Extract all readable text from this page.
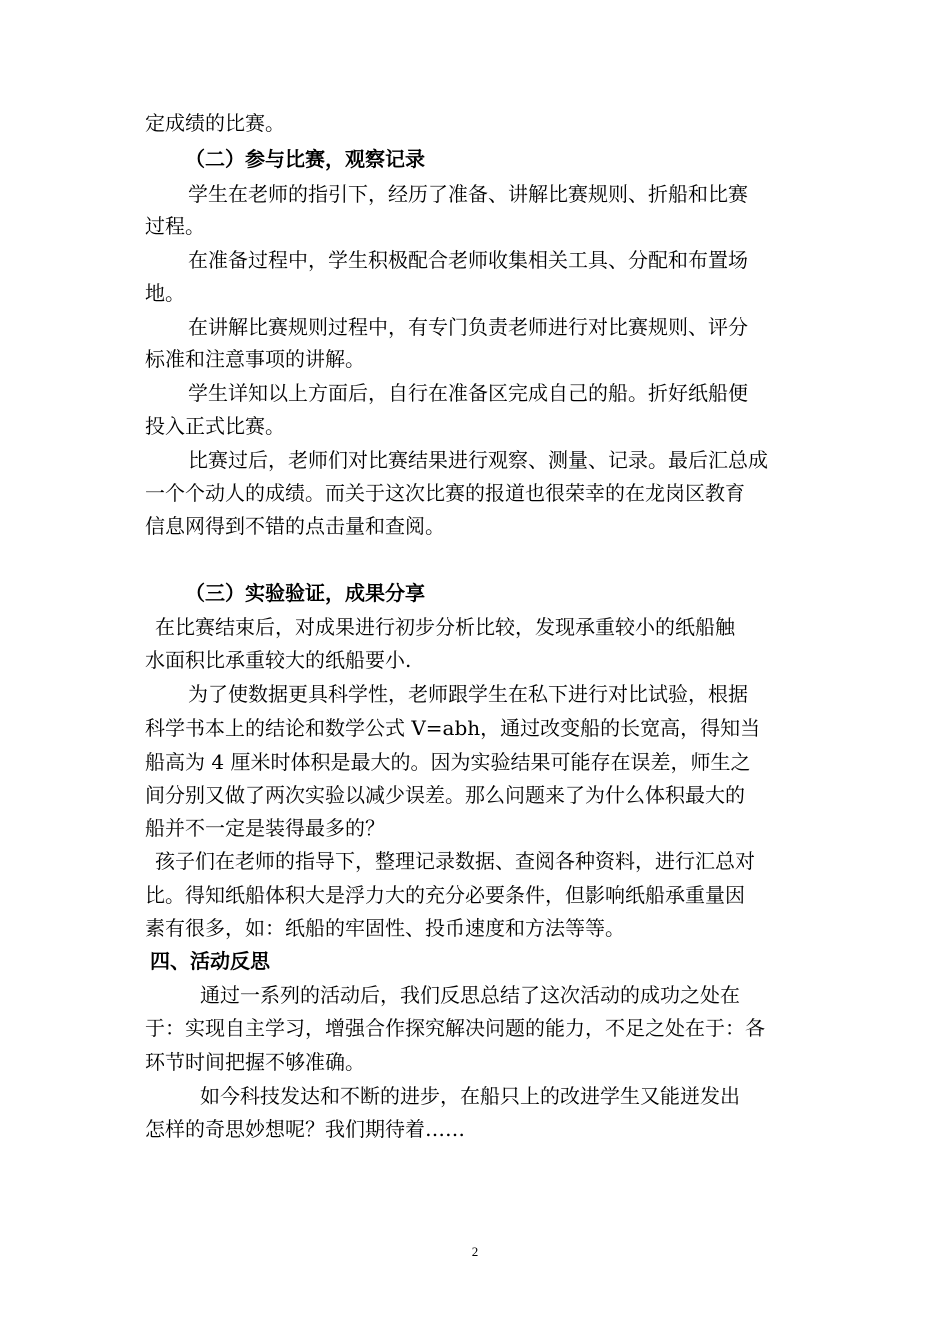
定成绩的比赛。
（二）参与比赛，观察记录
学生在老师的指引下，经历了准备、讲解比赛规则、折船和比赛
过程。
在准备过程中，学生积极配合老师收集相关工具、分配和布置场
地。
在讲解比赛规则过程中，有专门负责老师进行对比赛规则、评分
标准和注意事项的讲解。
学生详知以上方面后，自行在准备区完成自己的船。折好纸船便
投入正式比赛。
比赛过后，老师们对比赛结果进行观察、测量、记录。最后汇总成
一个个动人的成绩。而关于这次比赛的报道也很荣幸的在龙岗区教育
信息网得到不错的点击量和查阅。
（三）实验验证，成果分享
在比赛结束后，对成果进行初步分析比较，发现承重较小的纸船触
水面积比承重较大的纸船要小.
为了使数据更具科学性，老师跟学生在私下进行对比试验，根据
科学书本上的结论和数学公式 V=abh，通过改变船的长宽高，得知当
船高为 4 厘米时体积是最大的。因为实验结果可能存在误差，师生之
间分别又做了两次实验以减少误差。那么问题来了为什么体积最大的
船并不一定是装得最多的？
孩子们在老师的指导下，整理记录数据、查阅各种资料，进行汇总对
比。得知纸船体积大是浮力大的充分必要条件，但影响纸船承重量因
素有很多，如：纸船的牢固性、投币速度和方法等等。
四、活动反思
通过一系列的活动后，我们反思总结了这次活动的成功之处在
于：实现自主学习，增强合作探究解决问题的能力，不足之处在于：各
环节时间把握不够准确。
如今科技发达和不断的进步，在船只上的改进学生又能迸发出
怎样的奇思妙想呢？我们期待着……
2
